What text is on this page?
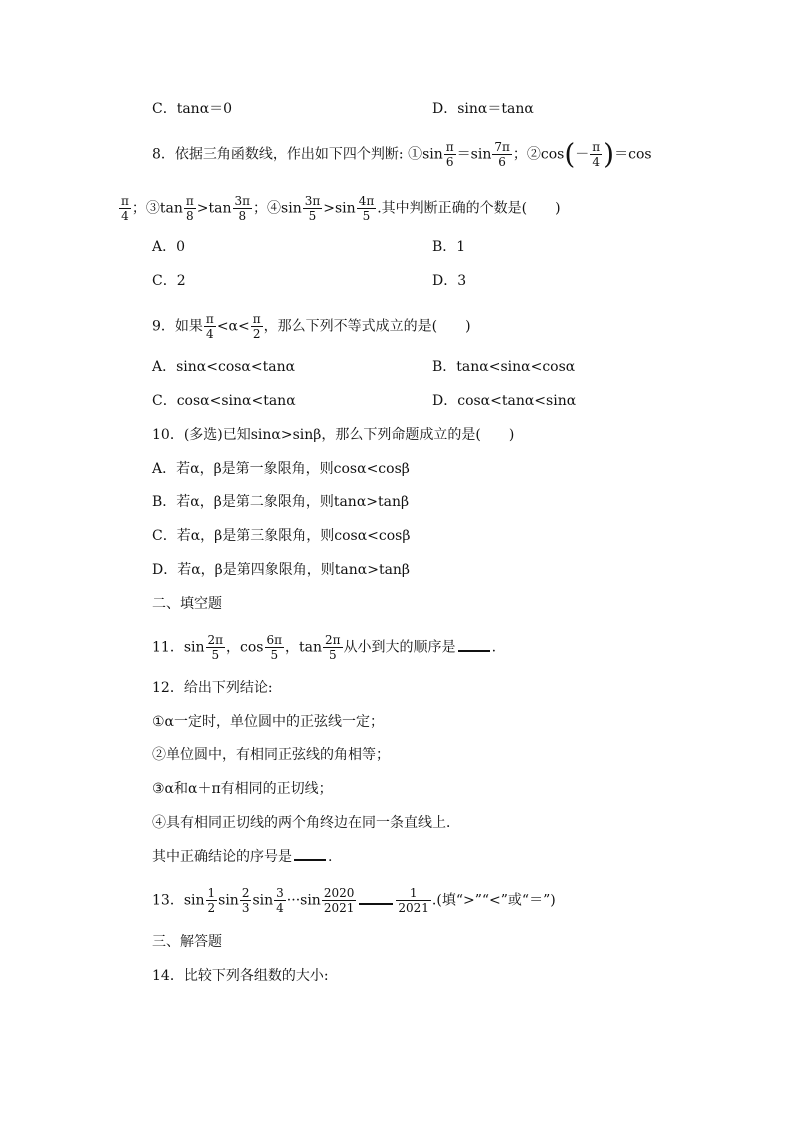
C．tanα＝0	D．sinα＝tanα
8．依据三角函数线，作出如下四个判断: ①sin $\frac{\pi}{6} =\sin \frac{7\pi}{6}$ ；②cos(－ $\frac{\pi}{4} )=\cos$
$\frac{\pi}{4}$ ；③tan $\frac{\pi}{8} >\tan \frac{3\pi}{8}$ ；④sin $\frac{3\pi}{5} >\sin \frac{4\pi}{5}$ .其中判断正确的个数是(　　)
A．0	B．1
C．2	D．3
9．如果 $\frac{\pi}{4} <\alpha< \frac{\pi}{2}$ ，那么下列不等式成立的是(　　)
A．sinα<cosα<tanα	B．tanα<sinα<cosα
C．cosα<sinα<tanα	D．cosα<tanα<sinα
10．(多选)已知sinα>sinβ，那么下列命题成立的是(　　)
A．若α，β是第一象限角，则cosα<cosβ
B．若α，β是第二象限角，则tanα>tanβ
C．若α，β是第三象限角，则cosα<cosβ
D．若α，β是第四象限角，则tanα>tanβ
二、填空题
11．$\sin \frac{2\pi}{5}$ ，$\cos \frac{6\pi}{5}$ ，$\tan \frac{2\pi}{5}$ 从小到大的顺序是	.
12．给出下列结论:
①α一定时，单位圆中的正弦线一定；
②单位圆中，有相同正弦线的角相等；
③α和α＋π有相同的正切线；
④具有相同正切线的两个角终边在同一条直线上．
其中正确结论的序号是	.
13．$\sin \frac{1}{2}$ $\sin \frac{2}{3}$ $\sin \frac{3}{4} \cdot\cdot\cdot\sin \frac{2020}{2021}$	$\frac{1}{2021}$ .(填“>”“<”或“＝”)
三、解答题
14．比较下列各组数的大小:
